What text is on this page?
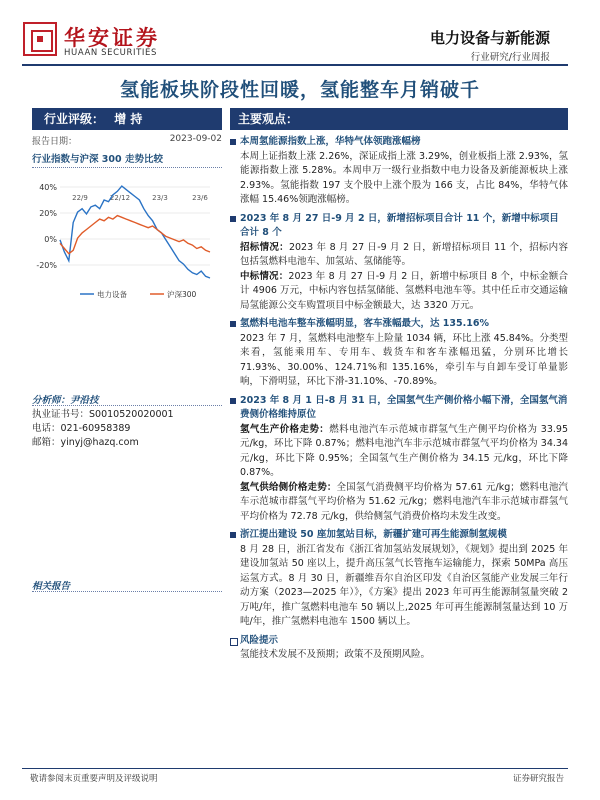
华安证券
HUAAN SECURITIES
电力设备与新能源
行业研究/行业周报
氢能板块阶段性回暖，氢能整车月销破千
行业评级： 增 持
报告日期：	2023-09-02
行业指数与沪深 300 走势比较
40%
20%
0%
-20%
22/9	22/12	23/3	23/6
电力设备	沪深300
分析师：尹沿技
执业证书号：S0010520020001
电话：021-60958389
邮箱：yinyj@hazq.com
相关报告
主要观点：
本周氢能源指数上涨，华特气体领跑涨幅榜
本周上证指数上涨 2.26%，深证成指上涨 3.29%，创业板指上涨 2.93%，氢能源指数上涨 5.28%。本周申万一级行业指数中电力设备及新能源板块上涨 2.93%。氢能指数 197 支个股中上涨个股为 166 支，占比 84%，华特气体涨幅 15.46%领跑涨幅榜。
2023 年 8 月 27 日-9 月 2 日，新增招标项目合计 11 个，新增中标项目合计 8 个
招标情况：2023 年 8 月 27 日-9 月 2 日，新增招标项目 11 个，招标内容包括氢燃料电池车、加氢站、氢储能等。
中标情况：2023 年 8 月 27 日-9 月 2 日，新增中标项目 8 个，中标金额合计 4906 万元，中标内容包括氢储能、氢燃料电池车等。其中任丘市交通运输局氢能源公交车购置项目中标金额最大，达 3320 万元。
氢燃料电池车整车涨幅明显，客车涨幅最大，达 135.16%
2023 年 7 月，氢燃料电池整车上险量 1034 辆，环比上涨 45.84%。分类型来看，氢能乘用车、专用车、载货车和客车涨幅迅猛，分别环比增长 71.93%、30.00%、124.71%和 135.16%，牵引车与自卸车受订单量影响，下滑明显，环比下滑-31.10%、-70.89%。
2023 年 8 月 1 日-8 月 31 日，全国氢气生产侧价格小幅下滑，全国氢气消费侧价格维持原位
氢气生产价格走势：燃料电池汽车示范城市群氢气生产侧平均价格为 33.95 元/kg，环比下降 0.87%；燃料电池汽车非示范城市群氢气平均价格为 34.34 元/kg，环比下降 0.95%；全国氢气生产侧价格为 34.15 元/kg，环比下降 0.87%。
氢气供给侧价格走势：全国氢气消费侧平均价格为 57.61 元/kg；燃料电池汽车示范城市群氢气平均价格为 51.62 元/kg；燃料电池汽车非示范城市群氢气平均价格为 72.78 元/kg，供给侧氢气消费价格均未发生改变。
浙江提出建设 50 座加氢站目标，新疆扩建可再生能源制氢规模
8 月 28 日，浙江省发布《浙江省加氢站发展规划》，《规划》提出到 2025 年建设加氢站 50 座以上，提升高压氢气长管拖车运输能力，探索 50MPa 高压运氢方式。8 月 30 日，新疆维吾尔自治区印发《自治区氢能产业发展三年行动方案（2023—2025 年）》，《方案》提出 2023 年可再生能源制氢量突破 2 万吨/年，推广氢燃料电池车 50 辆以上,2025 年可再生能源制氢量达到 10 万吨/年，推广氢燃料电池车 1500 辆以上。
风险提示
氢能技术发展不及预期；政策不及预期风险。
敬请参阅末页重要声明及评级说明	证券研究报告
